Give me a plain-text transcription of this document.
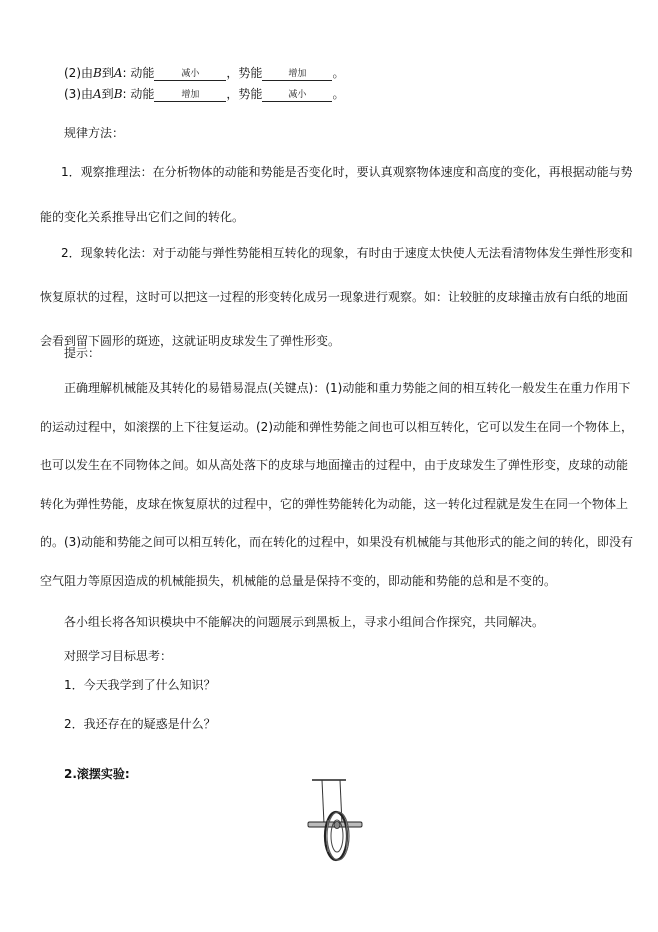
(2)由B到A: 动能	减小 ，势能	增加 。
(3)由A到B: 动能	增加 ，势能	减小 。
规律方法：
1．观察推理法：在分析物体的动能和势能是否变化时，要认真观察物体速度和高度的变化，再根据动能与势
能的变化关系推导出它们之间的转化。
2．现象转化法：对于动能与弹性势能相互转化的现象，有时由于速度太快使人无法看清物体发生弹性形变和
恢复原状的过程，这时可以把这一过程的形变转化成另一现象进行观察。如：让较脏的皮球撞击放有白纸的地面
会看到留下圆形的斑迹，这就证明皮球发生了弹性形变。
提示：
正确理解机械能及其转化的易错易混点(关键点)：(1)动能和重力势能之间的相互转化一般发生在重力作用下
的运动过程中，如滚摆的上下往复运动。(2)动能和弹性势能之间也可以相互转化，它可以发生在同一个物体上，
也可以发生在不同物体之间。如从高处落下的皮球与地面撞击的过程中，由于皮球发生了弹性形变，皮球的动能
转化为弹性势能，皮球在恢复原状的过程中，它的弹性势能转化为动能，这一转化过程就是发生在同一个物体上
的。(3)动能和势能之间可以相互转化，而在转化的过程中，如果没有机械能与其他形式的能之间的转化，即没有
空气阻力等原因造成的机械能损失，机械能的总量是保持不变的，即动能和势能的总和是不变的。
各小组长将各知识模块中不能解决的问题展示到黑板上，寻求小组间合作探究，共同解决。
对照学习目标思考：
1．今天我学到了什么知识？
2．我还存在的疑惑是什么？
2.滚摆实验:
